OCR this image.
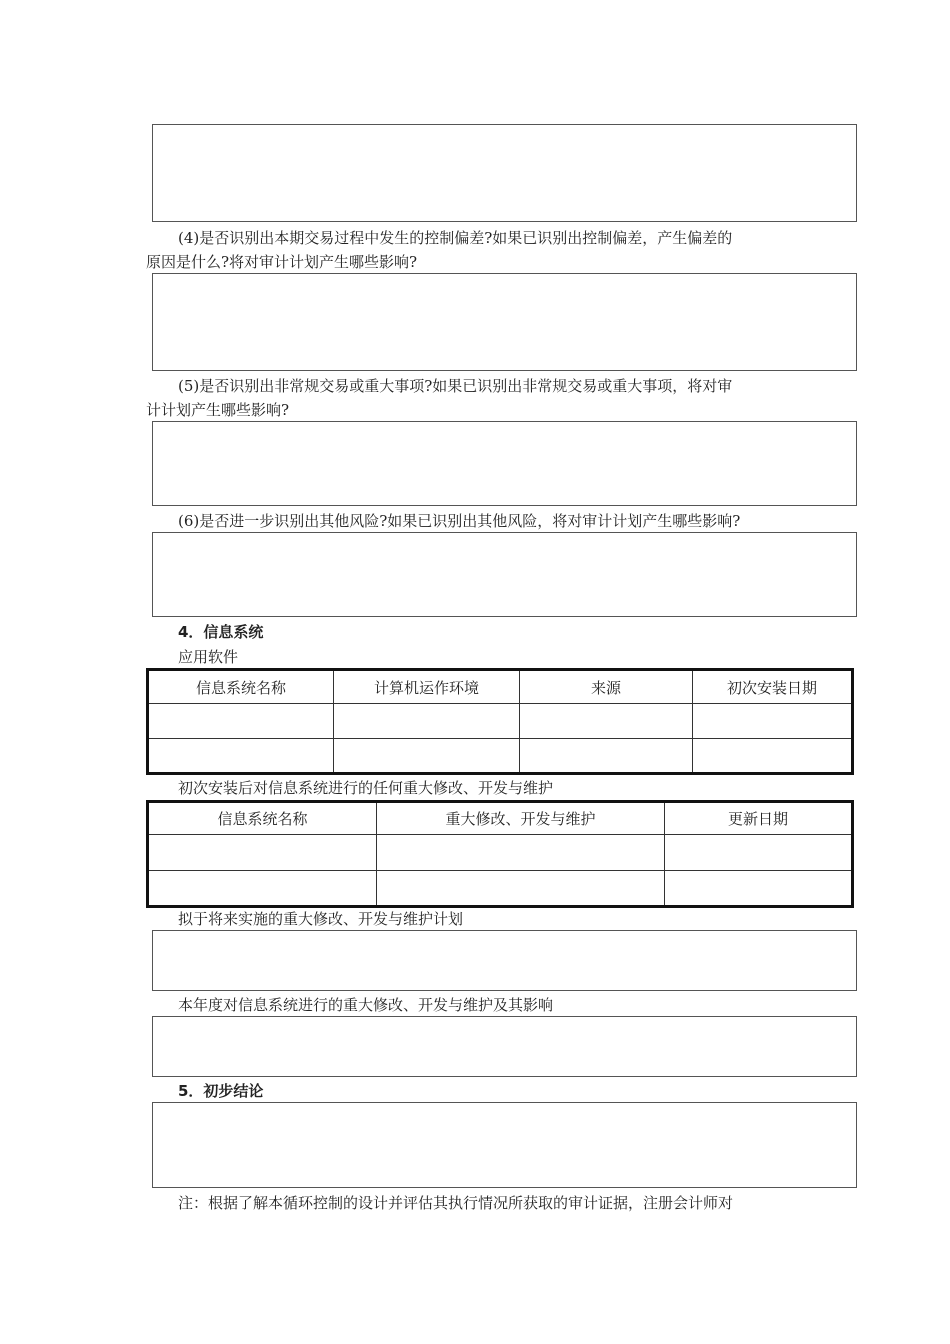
(4)是否识别出本期交易过程中发生的控制偏差?如果已识别出控制偏差，产生偏差的
原因是什么?将对审计计划产生哪些影响?
(5)是否识别出非常规交易或重大事项?如果已识别出非常规交易或重大事项，将对审
计计划产生哪些影响?
(6)是否进一步识别出其他风险?如果已识别出其他风险，将对审计计划产生哪些影响?
4．信息系统
应用软件
信息系统名称	计算机运作环境	来源	初次安装日期

初次安装后对信息系统进行的任何重大修改、开发与维护
信息系统名称	重大修改、开发与维护	更新日期

拟于将来实施的重大修改、开发与维护计划
本年度对信息系统进行的重大修改、开发与维护及其影响
5．初步结论
注：根据了解本循环控制的设计并评估其执行情况所获取的审计证据，注册会计师对
